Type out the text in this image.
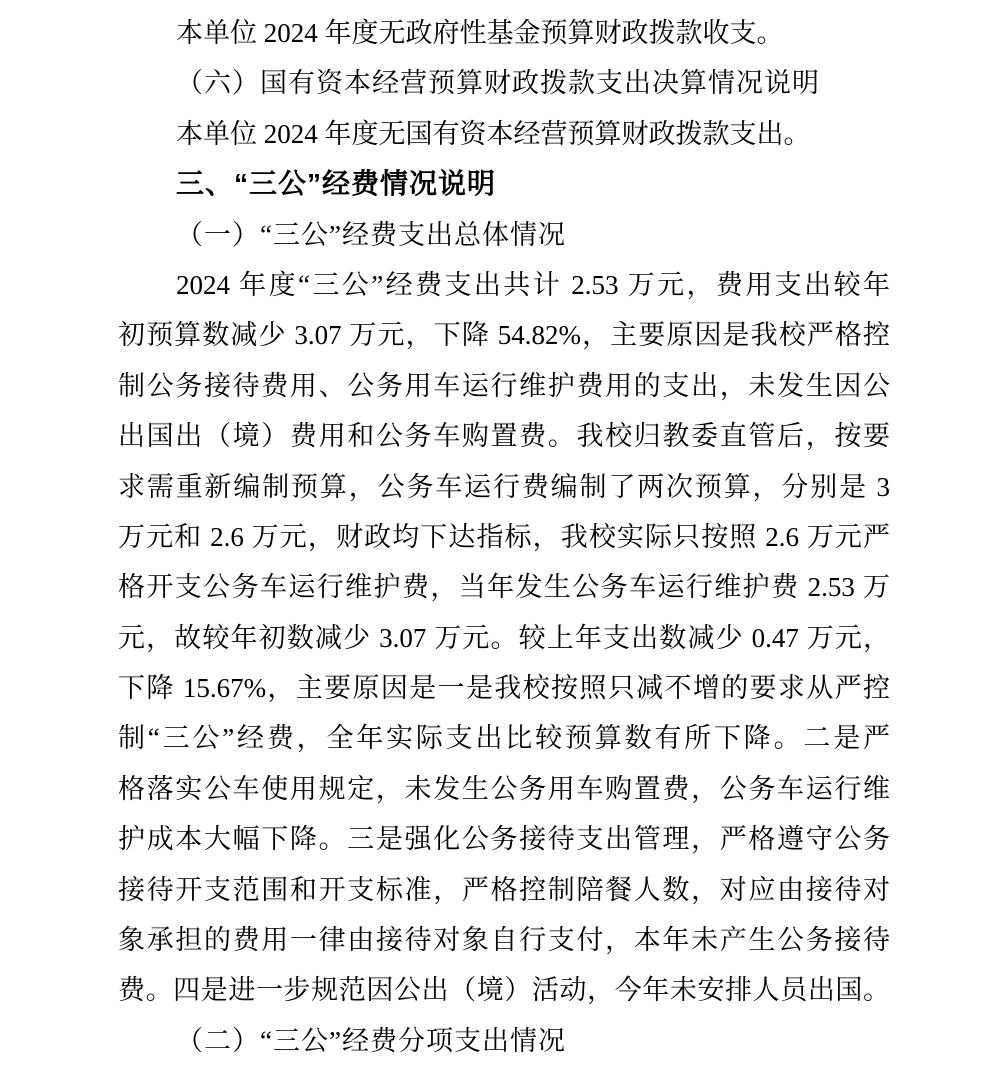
本单位 2024 年度无政府性基金预算财政拨款收支。
（六）国有资本经营预算财政拨款支出决算情况说明
本单位 2024 年度无国有资本经营预算财政拨款支出。
三、“三公”经费情况说明
（一）“三公”经费支出总体情况
2024 年度“三公”经费支出共计 2.53 万元，费用支出较年
初预算数减少 3.07 万元，下降 54.82%，主要原因是我校严格控
制公务接待费用、公务用车运行维护费用的支出，未发生因公
出国出（境）费用和公务车购置费。我校归教委直管后，按要
求需重新编制预算，公务车运行费编制了两次预算，分别是 3
万元和 2.6 万元，财政均下达指标，我校实际只按照 2.6 万元严
格开支公务车运行维护费，当年发生公务车运行维护费 2.53 万
元，故较年初数减少 3.07 万元。较上年支出数减少 0.47 万元，
下降 15.67%，主要原因是一是我校按照只减不增的要求从严控
制“三公”经费，全年实际支出比较预算数有所下降。二是严
格落实公车使用规定，未发生公务用车购置费，公务车运行维
护成本大幅下降。三是强化公务接待支出管理，严格遵守公务
接待开支范围和开支标准，严格控制陪餐人数，对应由接待对
象承担的费用一律由接待对象自行支付，本年未产生公务接待
费。四是进一步规范因公出（境）活动，今年未安排人员出国。
（二）“三公”经费分项支出情况
